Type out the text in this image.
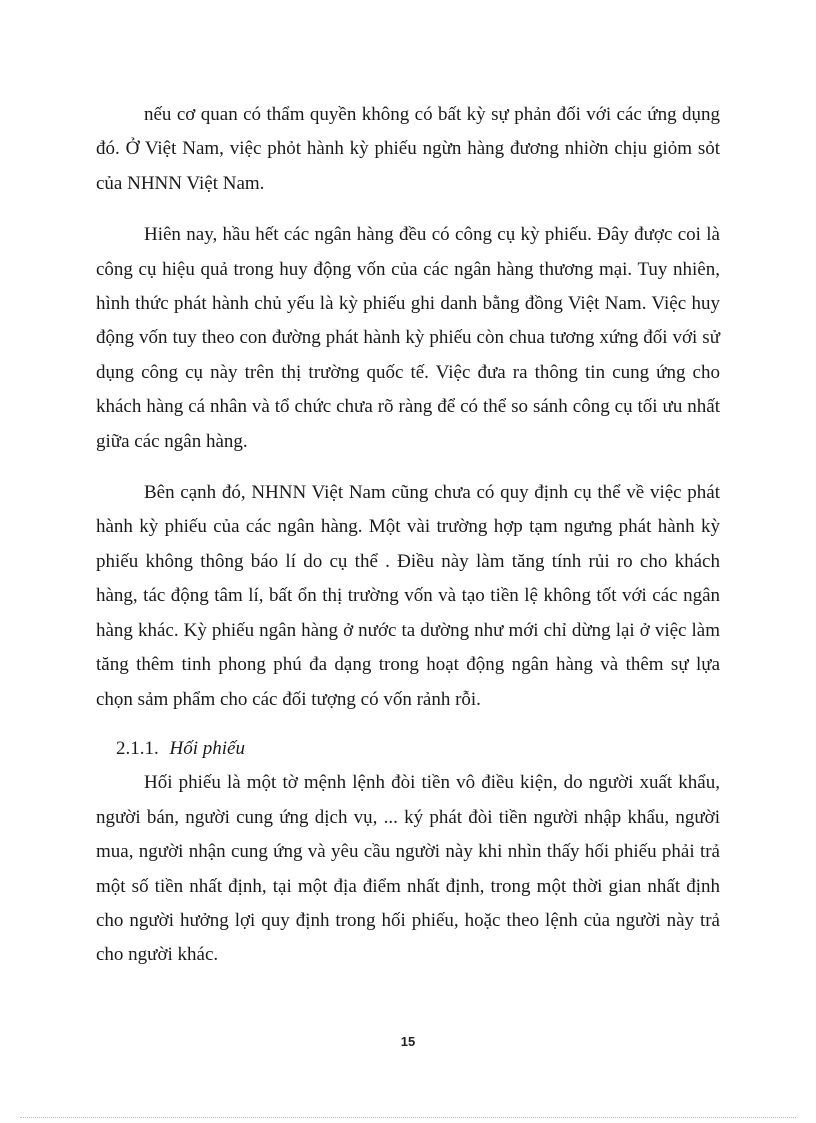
nếu cơ quan có thẩm quyền không có bất kỳ sự phản đối với các ứng dụng đó. Ở Việt Nam, việc phỏt hành kỳ phiếu ngừn hàng đương nhiờn chịu giỏm sỏt của NHNN Việt Nam.

Hiên nay, hầu hết các ngân hàng đều có công cụ kỳ phiếu. Đây được coi là công cụ hiệu quả trong huy động vốn của các ngân hàng thương mại. Tuy nhiên, hình thức phát hành chủ yếu là kỳ phiếu ghi danh bằng đồng Việt Nam. Việc huy động vốn tuy theo con đường phát hành kỳ phiếu còn chua tương xứng đối với sử dụng công cụ này trên thị trường quốc tế. Việc đưa ra thông tin cung ứng cho khách hàng cá nhân và tổ chức chưa rõ ràng để có thể so sánh công cụ tối ưu nhất giữa các ngân hàng.

Bên cạnh đó, NHNN Việt Nam cũng chưa có quy định cụ thể về việc phát hành kỳ phiếu của các ngân hàng. Một vài trường hợp tạm ngưng phát hành kỳ phiếu không thông báo lí do cụ thể . Điều này làm tăng tính rủi ro cho khách hàng, tác động tâm lí, bất ổn thị trường vốn và tạo tiền lệ không tốt với các ngân hàng khác. Kỳ phiếu ngân hàng ở nước ta dường như mới chỉ dừng lại ở việc làm tăng thêm tinh phong phú đa dạng trong hoạt động ngân hàng và thêm sự lựa chọn sảm phẩm cho các đối tượng có vốn rảnh rỗi.

2.1.1. Hối phiếu

Hối phiếu là một tờ mệnh lệnh đòi tiền vô điều kiện, do người xuất khẩu, người bán, người cung ứng dịch vụ, ... ký phát đòi tiền người nhập khẩu, người mua, người nhận cung ứng và yêu cầu người này khi nhìn thấy hối phiếu phải trả một số tiền nhất định, tại một địa điểm nhất định, trong một thời gian nhất định cho người hưởng lợi quy định trong hối phiếu, hoặc theo lệnh của người này trả cho người khác.

15
